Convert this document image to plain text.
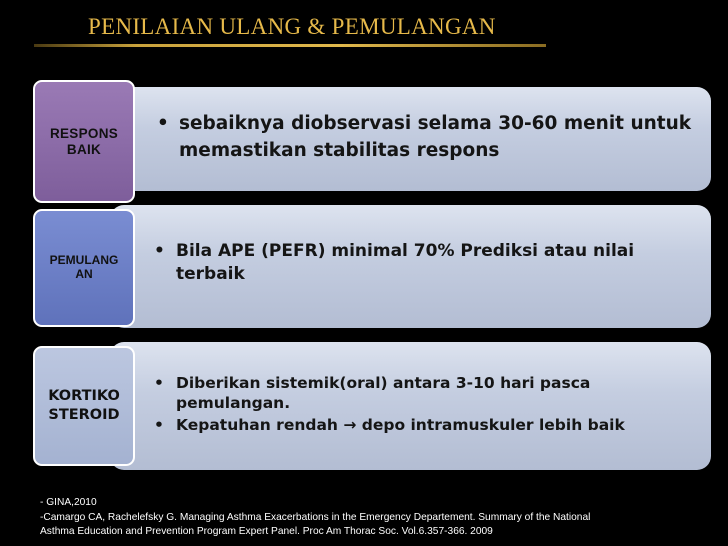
PENILAIAN ULANG & PEMULANGAN
RESPONS
BAIK
• sebaiknya diobservasi selama 30-60 menit untuk memastikan stabilitas respons
PEMULANG
AN
• Bila APE (PEFR) minimal 70% Prediksi atau nilai terbaik
KORTIKO
STEROID
• Diberikan sistemik(oral) antara 3-10 hari pasca pemulangan.
• Kepatuhan rendah → depo intramuskuler lebih baik
- GINA,2010
-Camargo CA, Rachelefsky G. Managing Asthma Exacerbations in the Emergency Departement. Summary of the National
Asthma Education and Prevention Program Expert Panel. Proc Am Thorac Soc. Vol.6.357-366. 2009
